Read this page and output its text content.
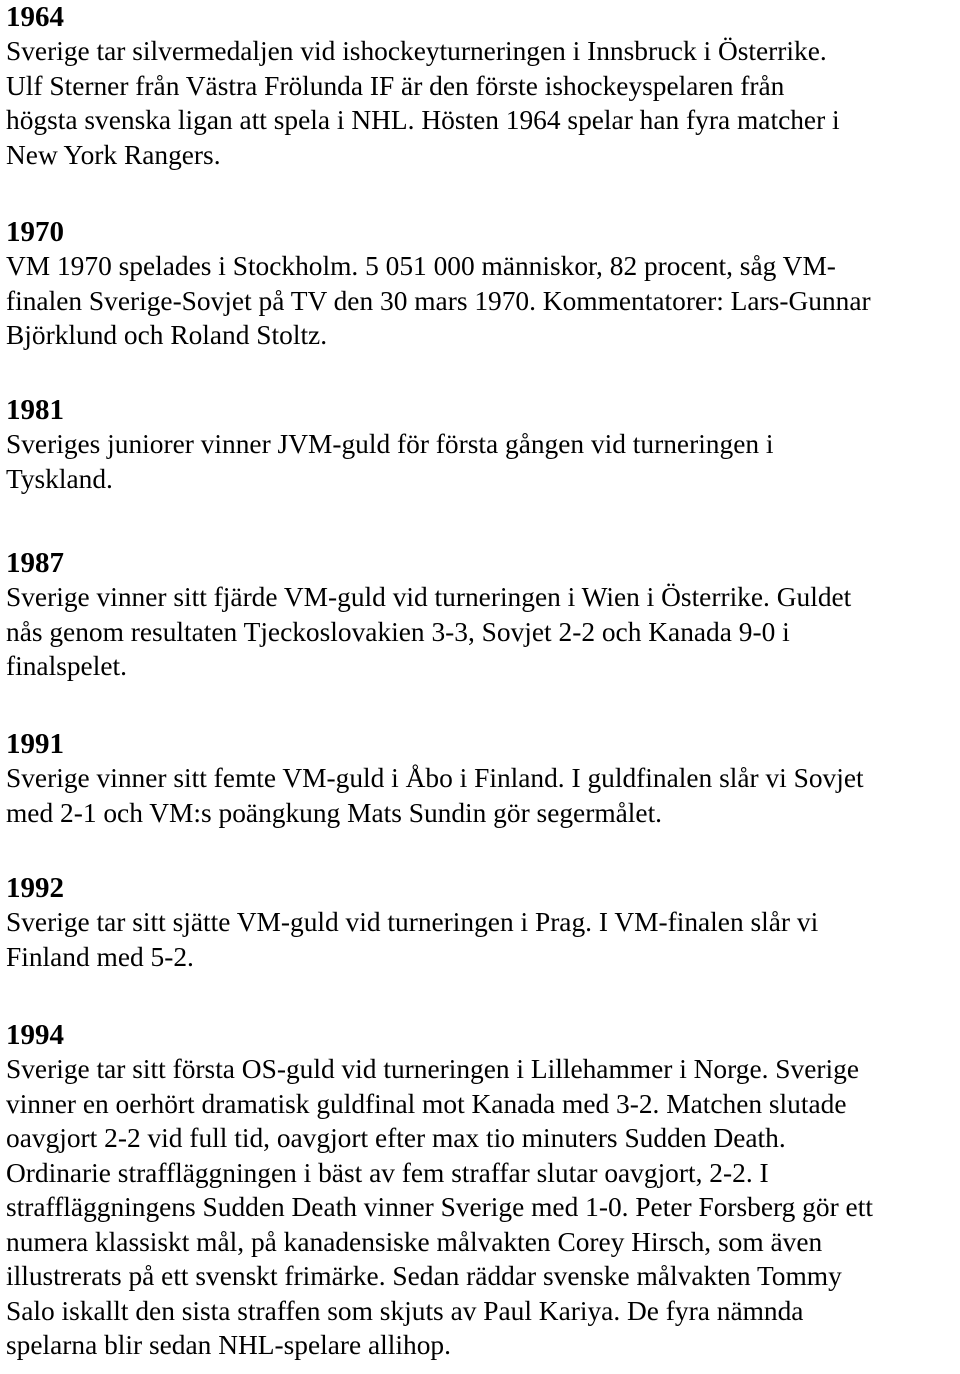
1964

Sverige tar silvermedaljen vid ishockeyturneringen i Innsbruck i Österrike.
Ulf Sterner från Västra Frölunda IF är den förste ishockeyspelaren från
högsta svenska ligan att spela i NHL. Hösten 1964 spelar han fyra matcher i
New York Rangers.

1970

VM 1970 spelades i Stockholm. 5 051 000 människor, 82 procent, såg VM-
finalen Sverige-Sovjet på TV den 30 mars 1970. Kommentatorer: Lars-Gunnar
Björklund och Roland Stoltz.

1981

Sveriges juniorer vinner JVM-guld för första gången vid turneringen i
Tyskland.

1987

Sverige vinner sitt fjärde VM-guld vid turneringen i Wien i Österrike. Guldet
nås genom resultaten Tjeckoslovakien 3-3, Sovjet 2-2 och Kanada 9-0 i
finalspelet.

1991

Sverige vinner sitt femte VM-guld i Åbo i Finland. I guldfinalen slår vi Sovjet
med 2-1 och VM:s poängkung Mats Sundin gör segermålet.

1992

Sverige tar sitt sjätte VM-guld vid turneringen i Prag. I VM-finalen slår vi
Finland med 5-2.

1994

Sverige tar sitt första OS-guld vid turneringen i Lillehammer i Norge. Sverige
vinner en oerhört dramatisk guldfinal mot Kanada med 3-2. Matchen slutade
oavgjort 2-2 vid full tid, oavgjort efter max tio minuters Sudden Death.
Ordinarie straffläggningen i bäst av fem straffar slutar oavgjort, 2-2. I
straffläggningens Sudden Death vinner Sverige med 1-0. Peter Forsberg gör ett
numera klassiskt mål, på kanadensiske målvakten Corey Hirsch, som även
illustrerats på ett svenskt frimärke. Sedan räddar svenske målvakten Tommy
Salo iskallt den sista straffen som skjuts av Paul Kariya. De fyra nämnda
spelarna blir sedan NHL-spelare allihop.
